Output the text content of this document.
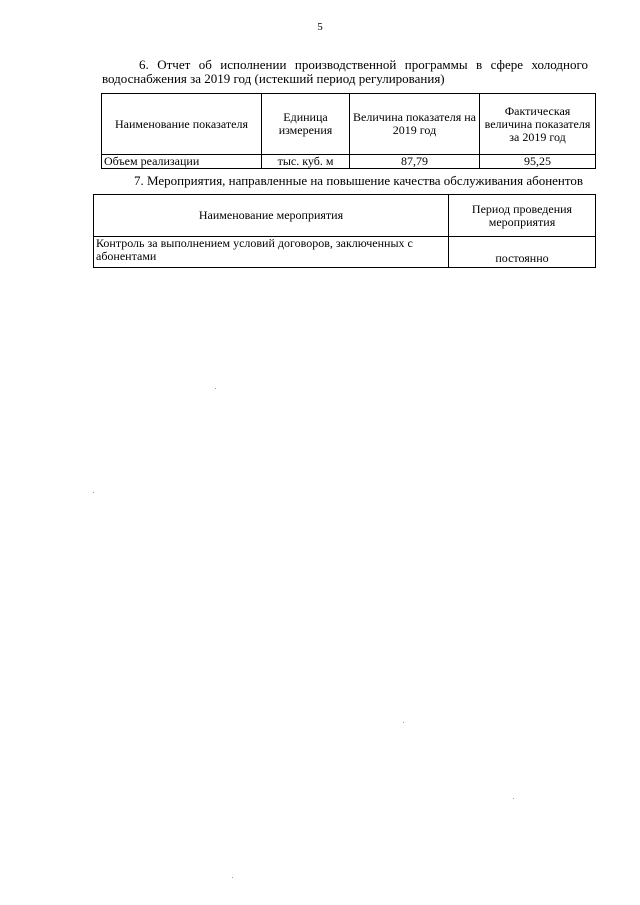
5
6. Отчет об исполнении производственной программы в сфере холодного
водоснабжения за 2019 год (истекший период регулирования)
Наименование показателя	Единица измерения	Величина показателя на 2019 год	Фактическая величина показателя за 2019 год
Объем реализации	тыс. куб. м	87,79	95,25
7. Мероприятия, направленные на повышение качества обслуживания абонентов
Наименование мероприятия	Период проведения мероприятия
Контроль за выполнением условий договоров, заключенных с абонентами	постоянно
